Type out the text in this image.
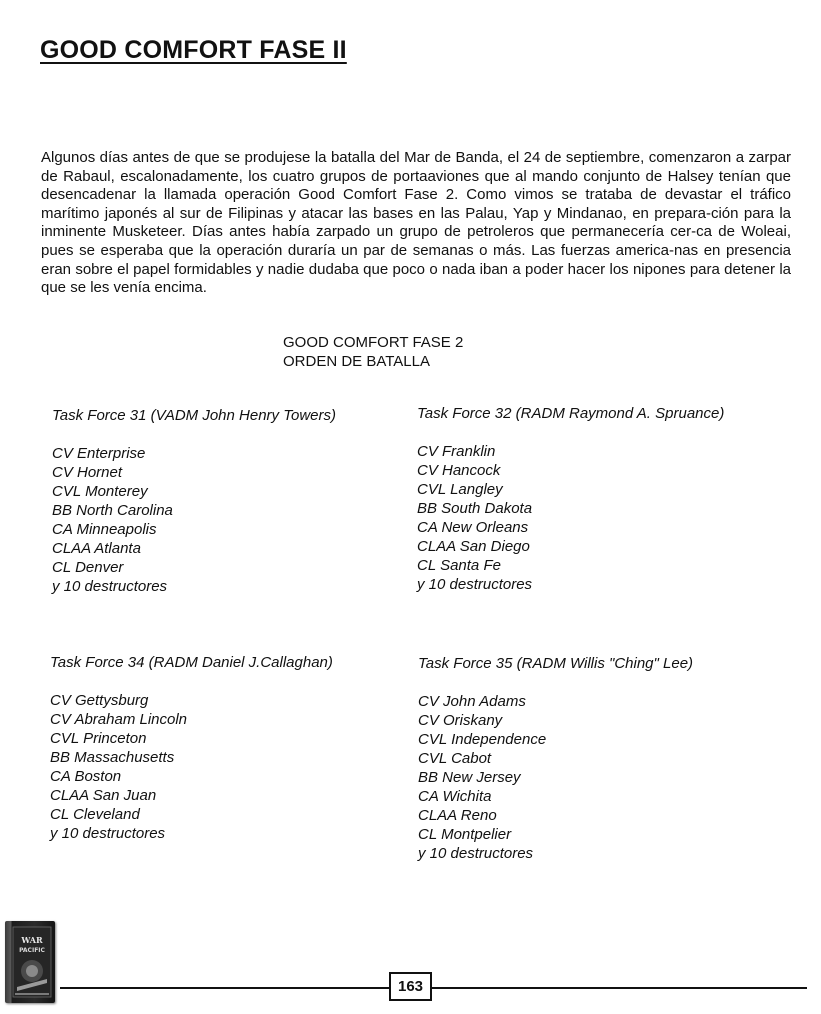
GOOD COMFORT FASE II

Algunos días antes de que se produjese la batalla del Mar de Banda, el 24 de septiembre, comenzaron a zarpar de Rabaul, escalonadamente, los cuatro grupos de portaaviones que al mando conjunto de Halsey tenían que desencadenar la llamada operación Good Comfort Fase 2. Como vimos se trataba de devastar el tráfico marítimo japonés al sur de Filipinas y atacar las bases en las Palau, Yap y Mindanao, en prepara-ción para la inminente Musketeer. Días antes había zarpado un grupo de petroleros que permanecería cer-ca de Woleai, pues se esperaba que la operación duraría un par de semanas o más. Las fuerzas america-nas en presencia eran sobre el papel formidables y nadie dudaba que poco o nada iban a poder hacer los nipones para detener la que se les venía encima.

GOOD COMFORT FASE 2
ORDEN DE BATALLA
Task Force 31 (VADM John Henry Towers)
CV Enterprise
CV Hornet
CVL Monterey
BB North Carolina
CA Minneapolis
CLAA Atlanta
CL Denver
y 10 destructores
Task Force 32 (RADM Raymond A. Spruance)
CV Franklin
CV Hancock
CVL Langley
BB South Dakota
CA New Orleans
CLAA San Diego
CL Santa Fe
y 10 destructores
Task Force 34 (RADM Daniel J.Callaghan)
CV Gettysburg
CV Abraham Lincoln
CVL Princeton
BB Massachusetts
CA Boston
CLAA San Juan
CL Cleveland
y 10 destructores
Task Force 35 (RADM Willis "Ching" Lee)
CV John Adams
CV Oriskany
CVL Independence
CVL Cabot
BB New Jersey
CA Wichita
CLAA Reno
CL Montpelier
y 10 destructores
WAR
PACIFIC
163
